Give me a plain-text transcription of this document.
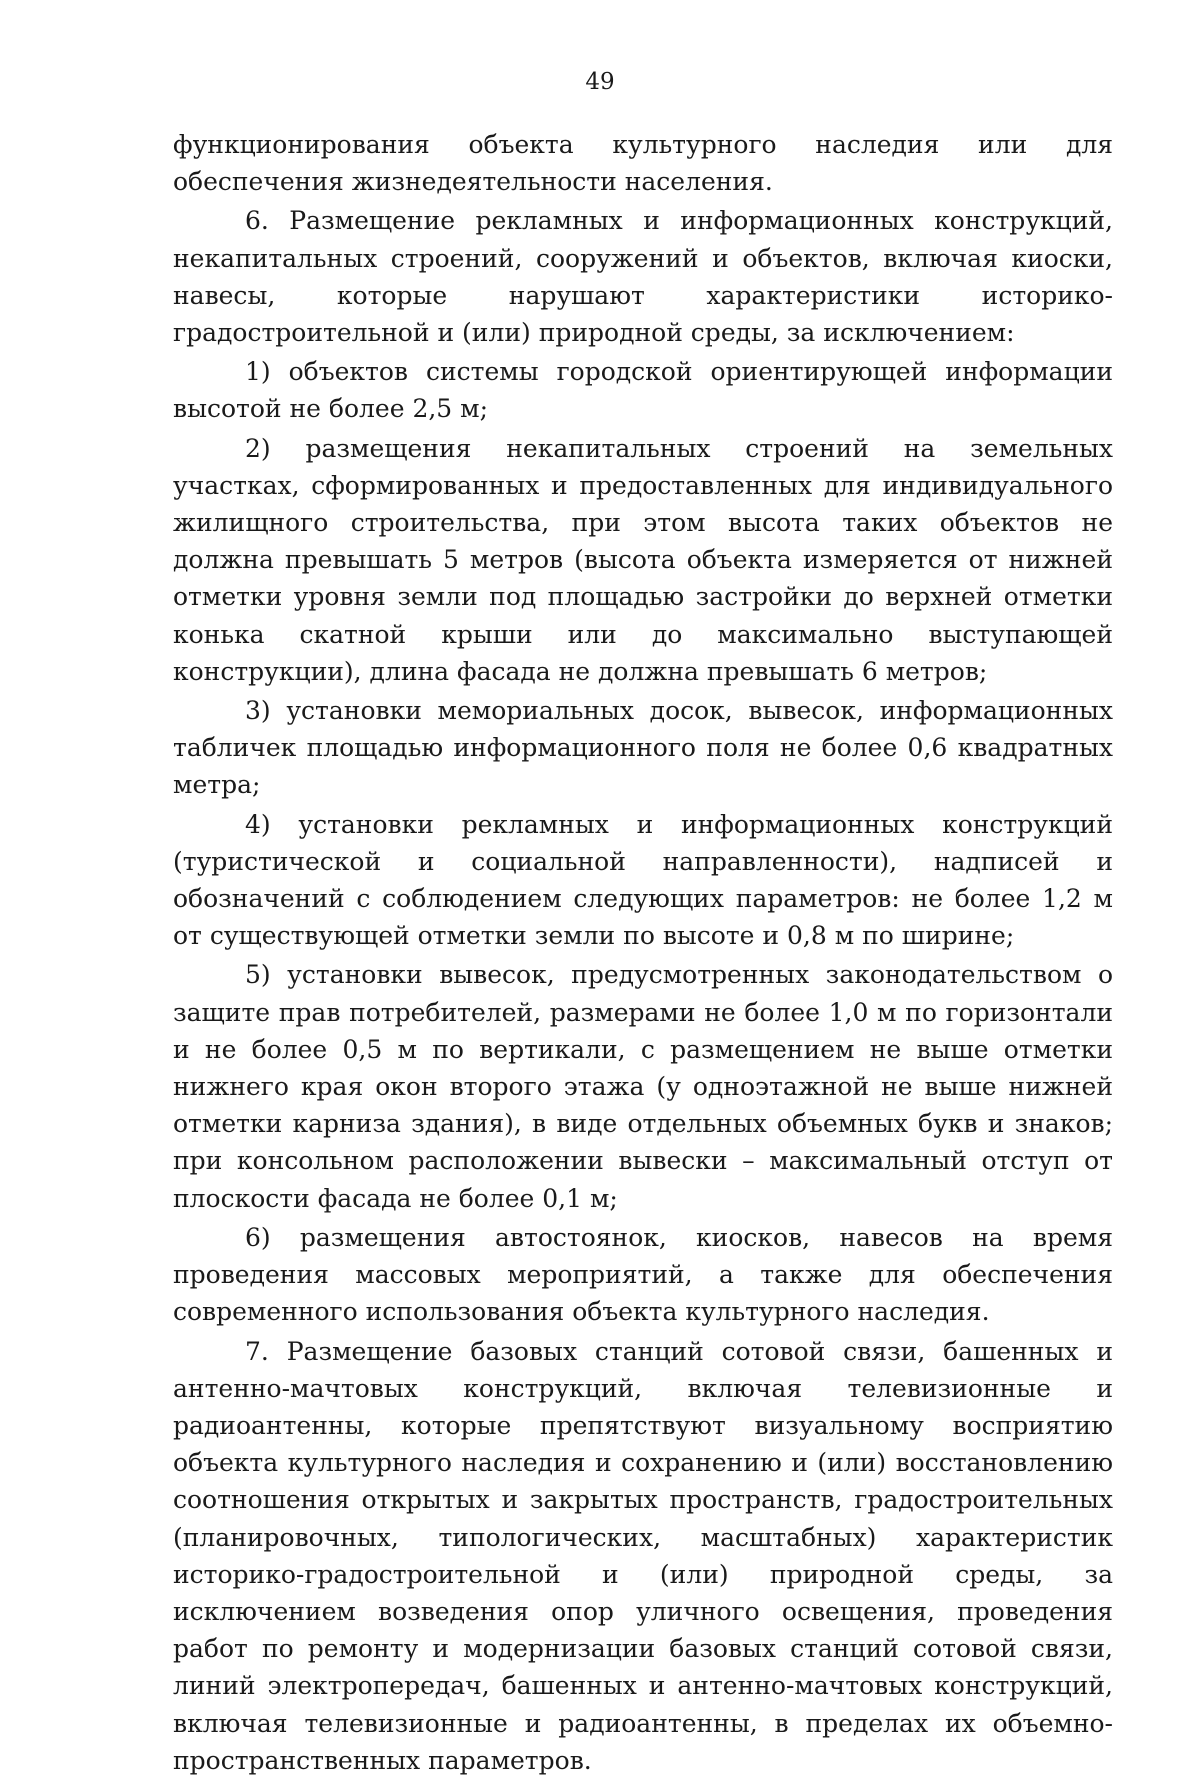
49

функционирования объекта культурного наследия или для обеспечения жизнедеятельности населения.

6. Размещение рекламных и информационных конструкций, некапитальных строений, сооружений и объектов, включая киоски, навесы, которые нарушают характеристики историко-градостроительной и (или) природной среды, за исключением:

1) объектов системы городской ориентирующей информации высотой не более 2,5 м;

2) размещения некапитальных строений на земельных участках, сформированных и предоставленных для индивидуального жилищного строительства, при этом высота таких объектов не должна превышать 5 метров (высота объекта измеряется от нижней отметки уровня земли под площадью застройки до верхней отметки конька скатной крыши или до максимально выступающей конструкции), длина фасада не должна превышать 6 метров;

3) установки мемориальных досок, вывесок, информационных табличек площадью информационного поля не более 0,6 квадратных метра;

4) установки рекламных и информационных конструкций (туристической и социальной направленности), надписей и обозначений с соблюдением следующих параметров: не более 1,2 м от существующей отметки земли по высоте и 0,8 м по ширине;

5) установки вывесок, предусмотренных законодательством о защите прав потребителей, размерами не более 1,0 м по горизонтали и не более 0,5 м по вертикали, с размещением не выше отметки нижнего края окон второго этажа (у одноэтажной не выше нижней отметки карниза здания), в виде отдельных объемных букв и знаков; при консольном расположении вывески – максимальный отступ от плоскости фасада не более 0,1 м;

6) размещения автостоянок, киосков, навесов на время проведения массовых мероприятий, а также для обеспечения современного использования объекта культурного наследия.

7. Размещение базовых станций сотовой связи, башенных и антенно-мачтовых конструкций, включая телевизионные и радиоантенны, которые препятствуют визуальному восприятию объекта культурного наследия и сохранению и (или) восстановлению соотношения открытых и закрытых пространств, градостроительных (планировочных, типологических, масштабных) характеристик историко-градостроительной и (или) природной среды, за исключением возведения опор уличного освещения, проведения работ по ремонту и модернизации базовых станций сотовой связи, линий электропередач, башенных и антенно-мачтовых конструкций, включая телевизионные и радиоантенны, в пределах их объемно-пространственных параметров.
